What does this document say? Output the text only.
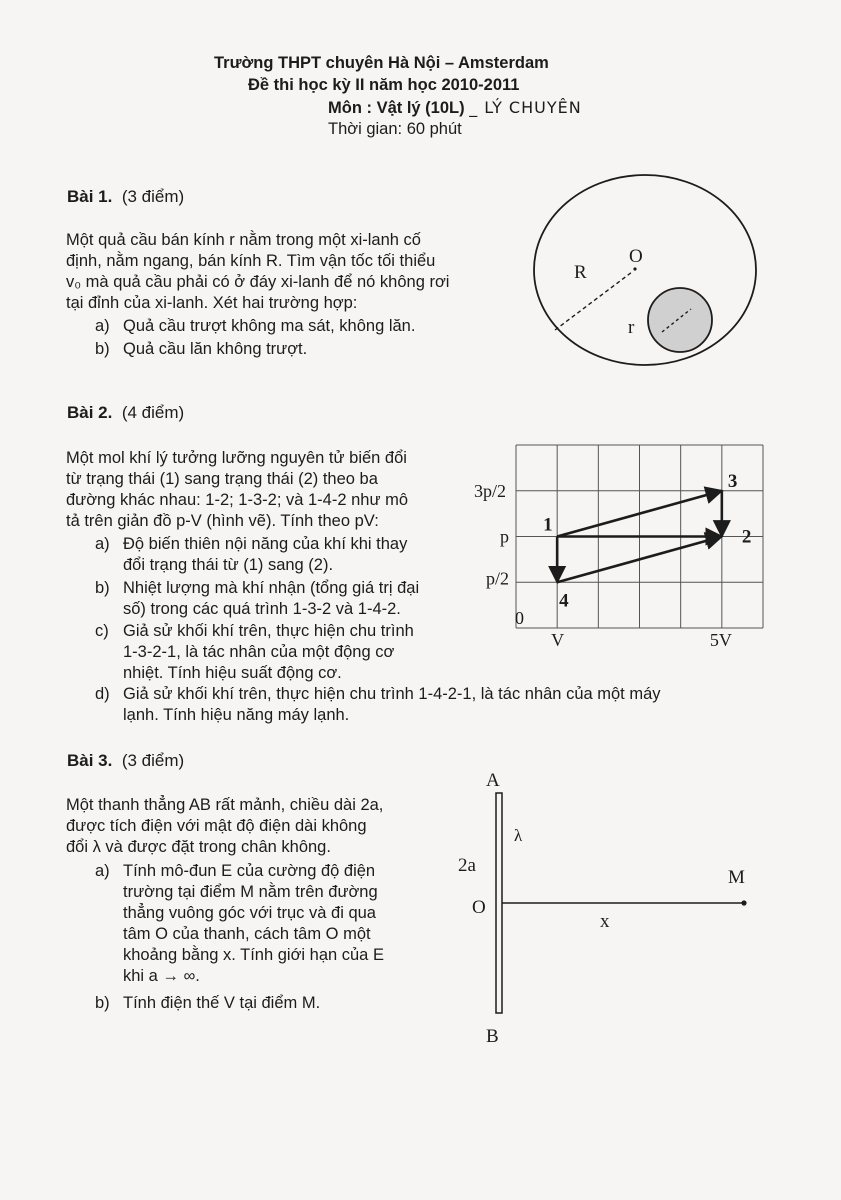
Trường THPT chuyên Hà Nội – Amsterdam
Đề thi học kỳ II năm học 2010-2011
Môn : Vật lý (10L) _ LÝ CHUYÊN
Thời gian: 60 phút
Bài 1. (3 điểm)
Một quả cầu bán kính r nằm trong một xi-lanh cố
định, nằm ngang, bán kính R. Tìm vận tốc tối thiểu
v₀ mà quả cầu phải có ở đáy xi-lanh để nó không rơi
tại đỉnh của xi-lanh. Xét hai trường hợp:
a) Quả cầu trượt không ma sát, không lăn.
b) Quả cầu lăn không trượt.
R
O
r
Bài 2. (4 điểm)
Một mol khí lý tưởng lưỡng nguyên tử biến đổi
từ trạng thái (1) sang trạng thái (2) theo ba
đường khác nhau: 1-2; 1-3-2; và 1-4-2 như mô
tả trên giản đồ p-V (hình vẽ). Tính theo pV:
a) Độ biến thiên nội năng của khí khi thay
đổi trạng thái từ (1) sang (2).
b) Nhiệt lượng mà khí nhận (tổng giá trị đại
số) trong các quá trình 1-3-2 và 1-4-2.
c) Giả sử khối khí trên, thực hiện chu trình
1-3-2-1, là tác nhân của một động cơ
nhiệt. Tính hiệu suất động cơ.
d) Giả sử khối khí trên, thực hiện chu trình 1-4-2-1, là tác nhân của một máy
lạnh. Tính hiệu năng máy lạnh.
3p/2
p
p/2
0
V	5V
1
2
3
4
Bài 3. (3 điểm)
Một thanh thẳng AB rất mảnh, chiều dài 2a,
được tích điện với mật độ điện dài không
đổi λ và được đặt trong chân không.
a) Tính mô-đun E của cường độ điện
trường tại điểm M nằm trên đường
thẳng vuông góc với trục và đi qua
tâm O của thanh, cách tâm O một
khoảng bằng x. Tính giới hạn của E
khi a → ∞.
b) Tính điện thế V tại điểm M.
A
B
O
2a
λ
M
x
